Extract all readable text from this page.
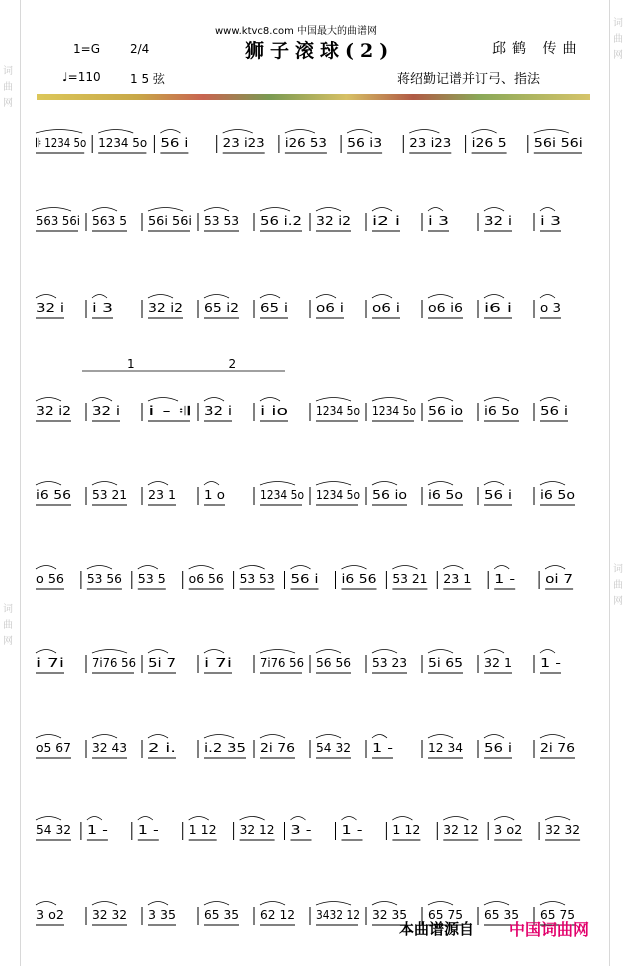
词
曲
网
词
曲
网
词
曲
网
词
曲
网
www.ktvc8.com 中国最大的曲谱网
狮子滚球(2)
1=G	2/4	邱鹤 传曲
♩=110 1 5 弦	蒋绍勤记谱并订弓、指法
𝄆 1234 5o 1234 5o 56 i	23 i23 i26 53 56 i3 23 i23 i26 5 56i 56i
563 56i 563 5 56i 56i 53 53 56 i.2 32 i2 i2 i i 3	32 i i 3
32 i i 3	32 i2 65 i2 65 i o6 i o6 i o6 i6 i6 i o 3
32 i2 32 i i - 𝄇 32 i i io 1234 5o 1234 5o 56 io i6 5o 56 i
1	2
i6 56 53 21 23 1 1 o	1234 5o 1234 5o 56 io i6 5o 56 i i6 5o
o 56 53 56 53 5 o6 56 53 53 56 i i6 56 53 21 23 1 1 - oi 7
i 7i 7i76 56 5i 7 i 7i 7i76 56 56 56 53 23 5i 65 32 1 1 -
o5 67 32 43 2 i. i.2 35 2i 76 54 32 1 -	12 34 56 i 2i 76
54 32 1 - 1 - 1 12 32 12 3 -	1 - 1 12 32 12 3 o2 32 32
3 o2 32 32 3 35 65 35 62 12 3432 12 32 35 65 75 65 35 65 75
本曲谱源自 中国词曲网
